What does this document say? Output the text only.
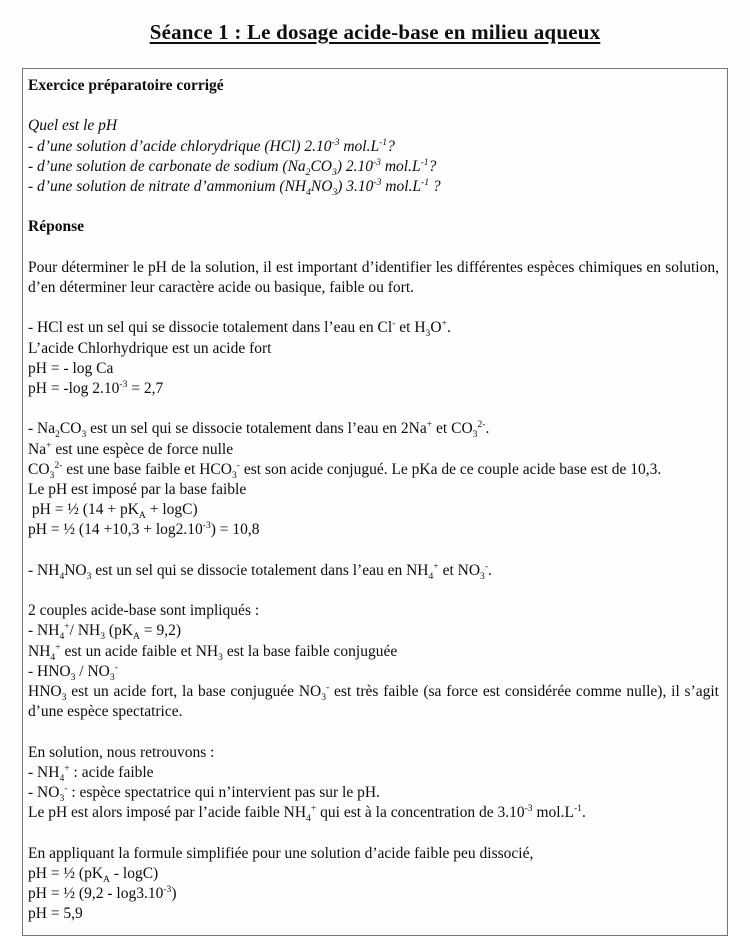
Séance 1 : Le dosage acide-base en milieu aqueux
Exercice préparatoire corrigé

Quel est le pH
- d’une solution d’acide chlorydrique (HCl) $2.10^{-3}$ $mol.L^{-1}$?
- d’une solution de carbonate de sodium $(Na_2CO_3)$ $2.10^{-3}$ $mol.L^{-1}$?
- d’une solution de nitrate d’ammonium $(NH_4NO_3)$ $3.10^{-3}$ $mol.L^{-1}$ ?

Réponse

Pour déterminer le pH de la solution, il est important d’identifier les différentes espèces chimiques en solution, d’en déterminer leur caractère acide ou basique, faible ou fort.

- HCl est un sel qui se dissocie totalement dans l’eau en Cl- et $H_3O^+$.
L’acide Chlorhydrique est un acide fort
pH = - log Ca
pH = -log $2.10^{-3} = 2,7$

- $Na_2CO_3$ est un sel qui se dissocie totalement dans l’eau en 2Na+ et $CO_3^{2-}$.
Na+ est une espèce de force nulle
$CO_3^{2-}$ est une base faible et $HCO_3^-$ est son acide conjugué. Le pKa de ce couple acide base est de 10,3.
Le pH est imposé par la base faible
pH = ½ $(14 + pK_A + \log C)$
pH = ½ $(14 +10,3 + \log 2.10^{-3}) = 10,8$

- $NH_4NO_3$ est un sel qui se dissocie totalement dans l’eau en $NH_4^+$ et $NO_3^-$.

2 couples acide-base sont impliqués :
- $NH_4^+/$ $NH_3$ $(pK_A = 9,2)$
$NH_4^+$ est un acide faible et $NH_3$ est la base faible conjuguée
- $HNO_3 / NO_3^-$
$HNO_3$ est un acide fort, la base conjuguée $NO_3^-$ est très faible (sa force est considérée comme nulle), il s’agit d’une espèce spectatrice.

En solution, nous retrouvons :
- $NH_4^+$ : acide faible
- $NO_3^-$ : espèce spectatrice qui n’intervient pas sur le pH.
Le pH est alors imposé par l’acide faible $NH_4^+$ qui est à la concentration de $3.10^{-3}$ $mol.L^{-1}$.

En appliquant la formule simplifiée pour une solution d’acide faible peu dissocié,
pH = ½ $(pK_A - \log C)$
pH = ½ $(9,2 - \log 3.10^{-3})$
pH = 5,9
